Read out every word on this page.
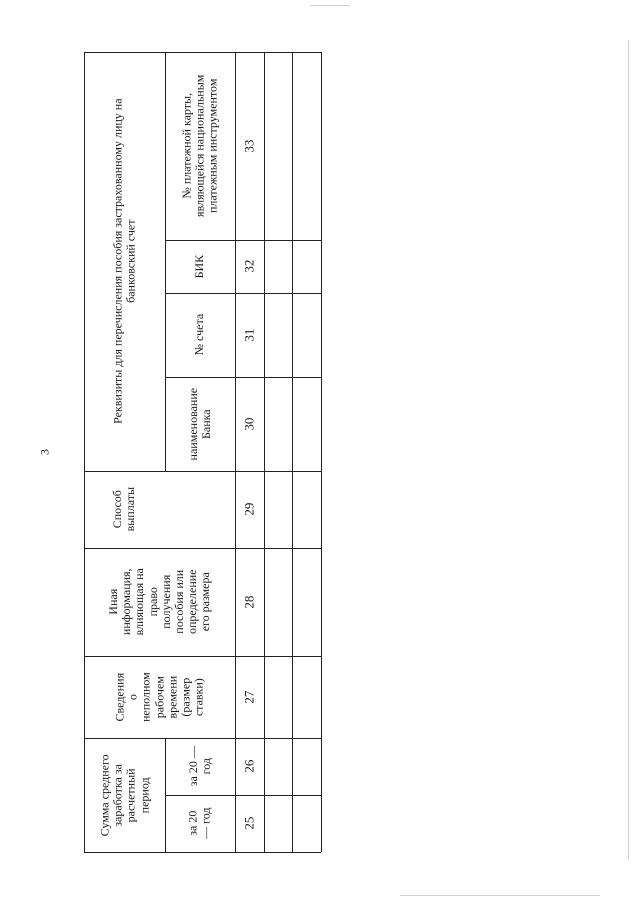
3
Сумма среднего
заработка за
расчетный
период
за 20
— год
за 20 —
год
Сведения
о
неполном
рабочем
времени
(размер
ставки)
Иная
информация,
влияющая на
право
получения
пособия или
определение
его размера
Способ
выплаты
Реквизиты для перечисления пособия застрахованному лицу на
банковский счет
наименование
Банка
№ счета
БИК
№ платежной карты,
являющейся национальным
платежным инструментом
25
26
27
28
29
30
31
32
33
